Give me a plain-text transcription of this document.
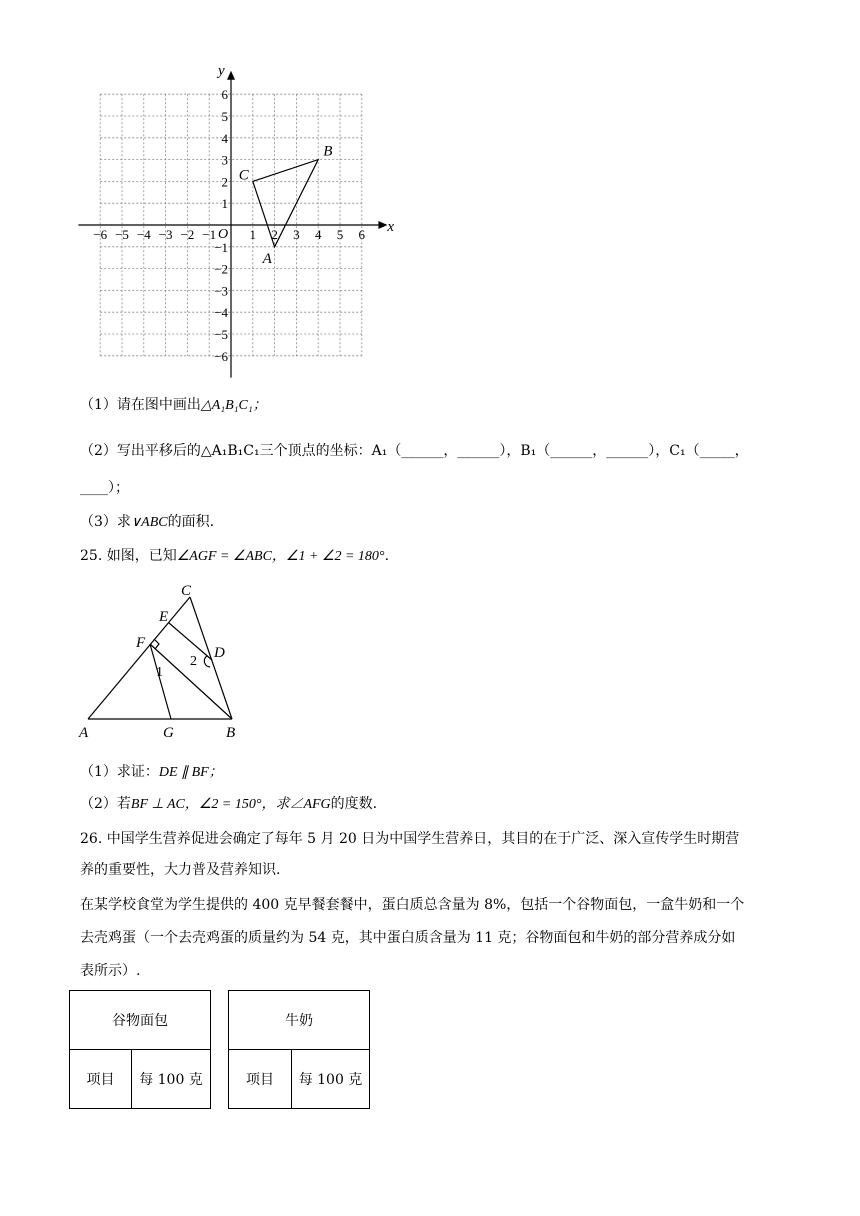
x
y
O
−6 −5 −4 −3 −2 −1	1 2 3 4 5 6
6
5
4
3
2
1
−1
−2
−3
−4
−5
−6
A
B
C
（1）请在图中画出△A₁B₁C₁；
（2）写出平移后的△A₁B₁C₁三个顶点的坐标：A₁（______，______），B₁（______，______），C₁（_____，
____）；
（3）求∨ABC的面积.
25. 如图，已知∠AGF = ∠ABC，∠1 + ∠2 = 180°．
C
E
F
D
1
2
A	G	B
（1）求证：DE ∥ BF；
（2）若BF ⊥ AC，∠2 = 150°，求∠AFG的度数.
26. 中国学生营养促进会确定了每年 5 月 20 日为中国学生营养日，其目的在于广泛、深入宣传学生时期营
养的重要性，大力普及营养知识.
在某学校食堂为学生提供的 400 克早餐套餐中，蛋白质总含量为 8%，包括一个谷物面包，一盒牛奶和一个
去壳鸡蛋（一个去壳鸡蛋的质量约为 54 克，其中蛋白质含量为 11 克；谷物面包和牛奶的部分营养成分如
表所示）.
谷物面包
项目	每 100 克
牛奶
项目	每 100 克
